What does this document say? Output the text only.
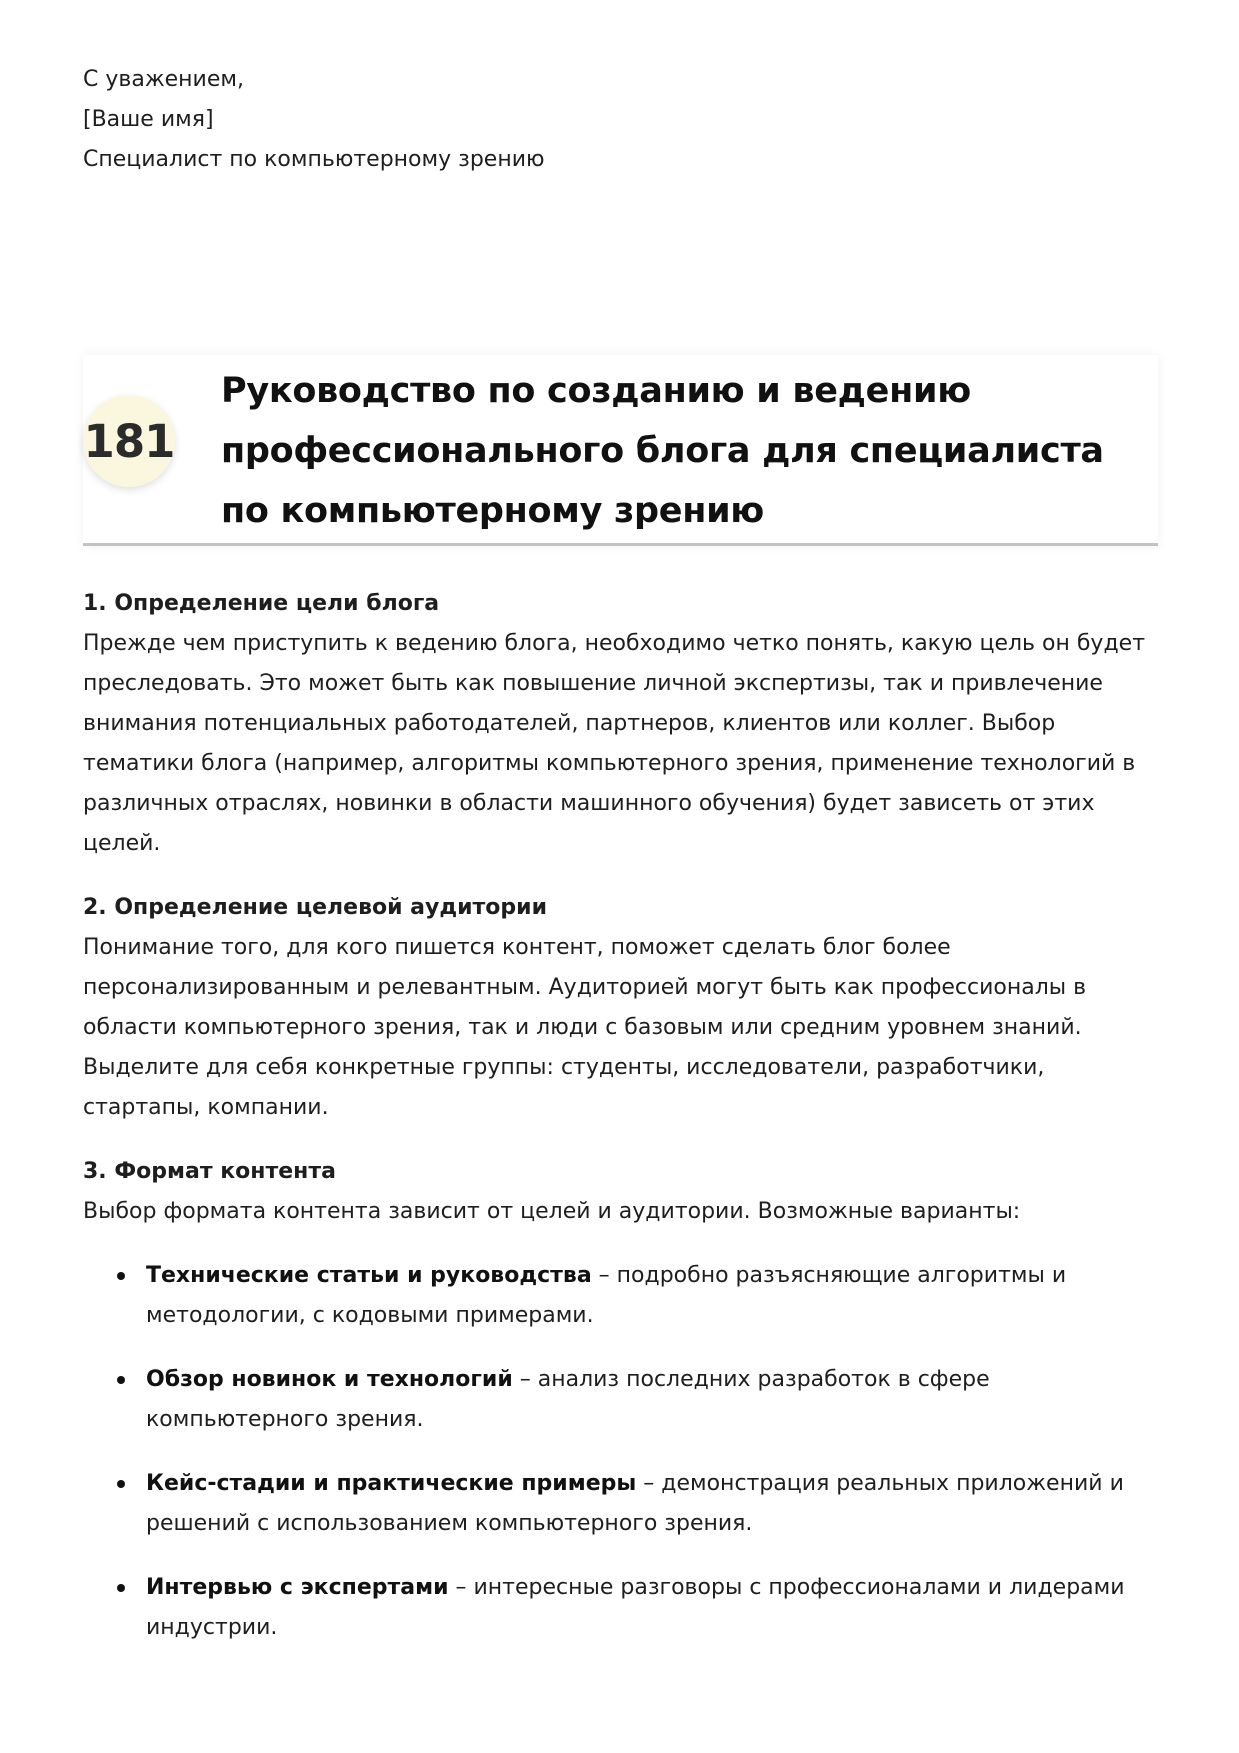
С уважением,
[Ваше имя]
Специалист по компьютерному зрению
181
Руководство по созданию и ведению профессионального блога для специалиста по компьютерному зрению
1. Определение цели блога

Прежде чем приступить к ведению блога, необходимо четко понять, какую цель он будет преследовать. Это может быть как повышение личной экспертизы, так и привлечение внимания потенциальных работодателей, партнеров, клиентов или коллег. Выбор тематики блога (например, алгоритмы компьютерного зрения, применение технологий в различных отраслях, новинки в области машинного обучения) будет зависеть от этих целей.

2. Определение целевой аудитории

Понимание того, для кого пишется контент, поможет сделать блог более персонализированным и релевантным. Аудиторией могут быть как профессионалы в области компьютерного зрения, так и люди с базовым или средним уровнем знаний. Выделите для себя конкретные группы: студенты, исследователи, разработчики, стартапы, компании.

3. Формат контента

Выбор формата контента зависит от целей и аудитории. Возможные варианты:

Технические статьи и руководства – подробно разъясняющие алгоритмы и методологии, с кодовыми примерами.
Обзор новинок и технологий – анализ последних разработок в сфере компьютерного зрения.
Кейс-стадии и практические примеры – демонстрация реальных приложений и решений с использованием компьютерного зрения.
Интервью с экспертами – интересные разговоры с профессионалами и лидерами индустрии.
